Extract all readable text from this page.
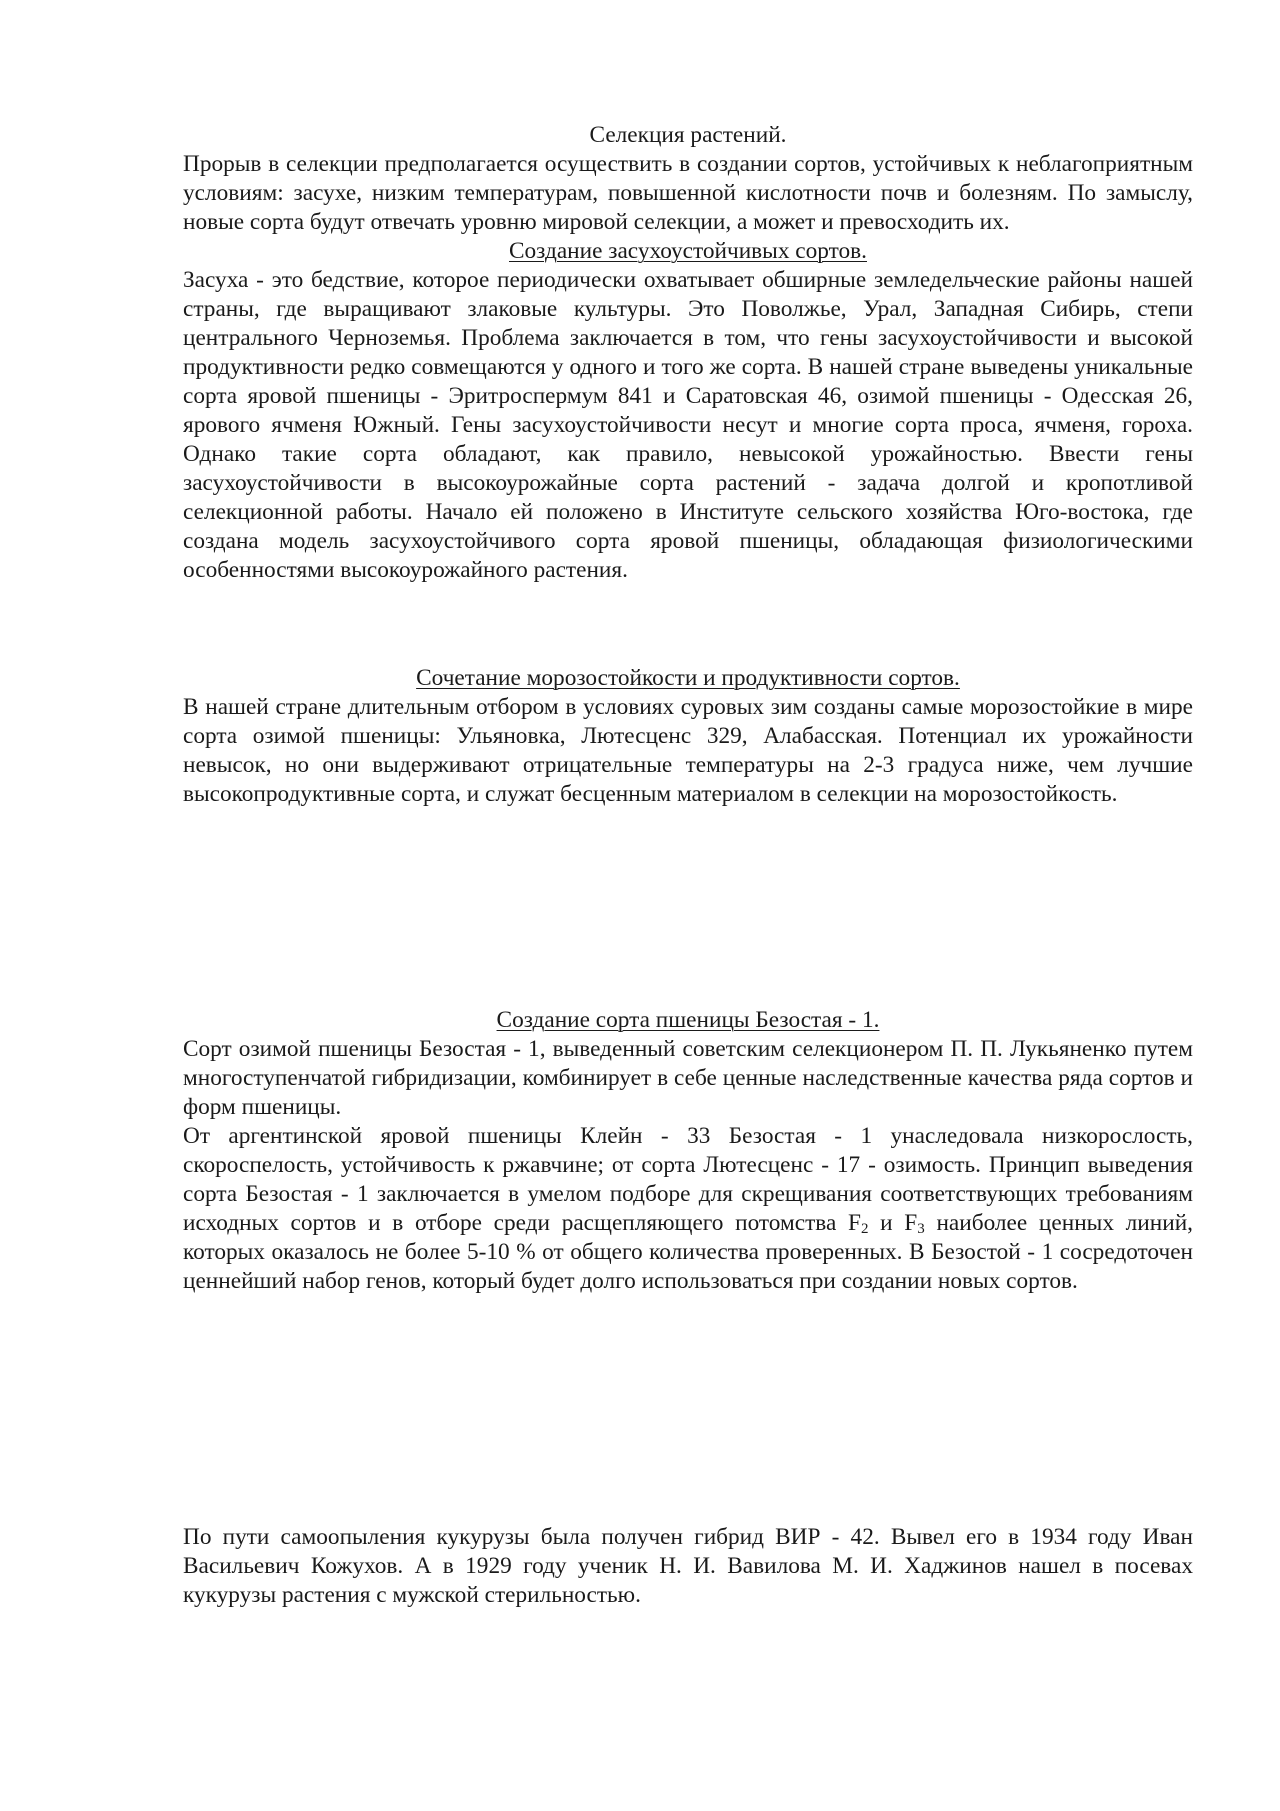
Селекция растений.

Прорыв в селекции предполагается осуществить в создании сортов, устойчивых к неблагоприятным условиям: засухе, низким температурам, повышенной кислотности почв и болезням. По замыслу, новые сорта будут отвечать уровню мировой селекции, а может и превосходить их.

Создание засухоустойчивых сортов.

Засуха - это бедствие, которое периодически охватывает обширные земледельческие районы нашей страны, где выращивают злаковые культуры. Это Поволжье, Урал, Западная Сибирь, степи центрального Черноземья. Проблема заключается в том, что гены засухоустойчивости и высокой продуктивности редко совмещаются у одного и того же сорта. В нашей стране выведены уникальные сорта яровой пшеницы - Эритроспермум 841 и Саратовская 46, озимой пшеницы - Одесская 26, ярового ячменя Южный. Гены засухоустойчивости несут и многие сорта проса, ячменя, гороха. Однако такие сорта обладают, как правило, невысокой урожайностью. Ввести гены засухоустойчивости в высокоурожайные сорта растений - задача долгой и кропотливой селекционной работы. Начало ей положено в Институте сельского хозяйства Юго-востока, где создана модель засухоустойчивого сорта яровой пшеницы, обладающая физиологическими особенностями высокоурожайного растения.

Сочетание морозостойкости и продуктивности сортов.

В нашей стране длительным отбором в условиях суровых зим созданы самые морозостойкие в мире сорта озимой пшеницы: Ульяновка, Лютесценс 329, Алабасская. Потенциал их урожайности невысок, но они выдерживают отрицательные температуры на 2-3 градуса ниже, чем лучшие высокопродуктивные сорта, и служат бесценным материалом в селекции на морозостойкость.

Создание сорта пшеницы Безостая - 1.

Сорт озимой пшеницы Безостая - 1, выведенный советским селекционером П. П. Лукьяненко путем многоступенчатой гибридизации, комбинирует в себе ценные наследственные качества ряда сортов и форм пшеницы.

От аргентинской яровой пшеницы Клейн - 33 Безостая - 1 унаследовала низкорослость, скороспелость, устойчивость к ржавчине; от сорта Лютесценс - 17 - озимость. Принцип выведения сорта Безостая - 1 заключается в умелом подборе для скрещивания соответствующих требованиям исходных сортов и в отборе среди расщепляющего потомства $F_2$ и $F_3$ наиболее ценных линий, которых оказалось не более 5-10 % от общего количества проверенных. В Безостой - 1 сосредоточен ценнейший набор генов, который будет долго использоваться при создании новых сортов.

По пути самоопыления кукурузы была получен гибрид ВИР - 42. Вывел его в 1934 году Иван Васильевич Кожухов. А в 1929 году ученик Н. И. Вавилова М. И. Хаджинов нашел в посевах кукурузы растения с мужской стерильностью.
